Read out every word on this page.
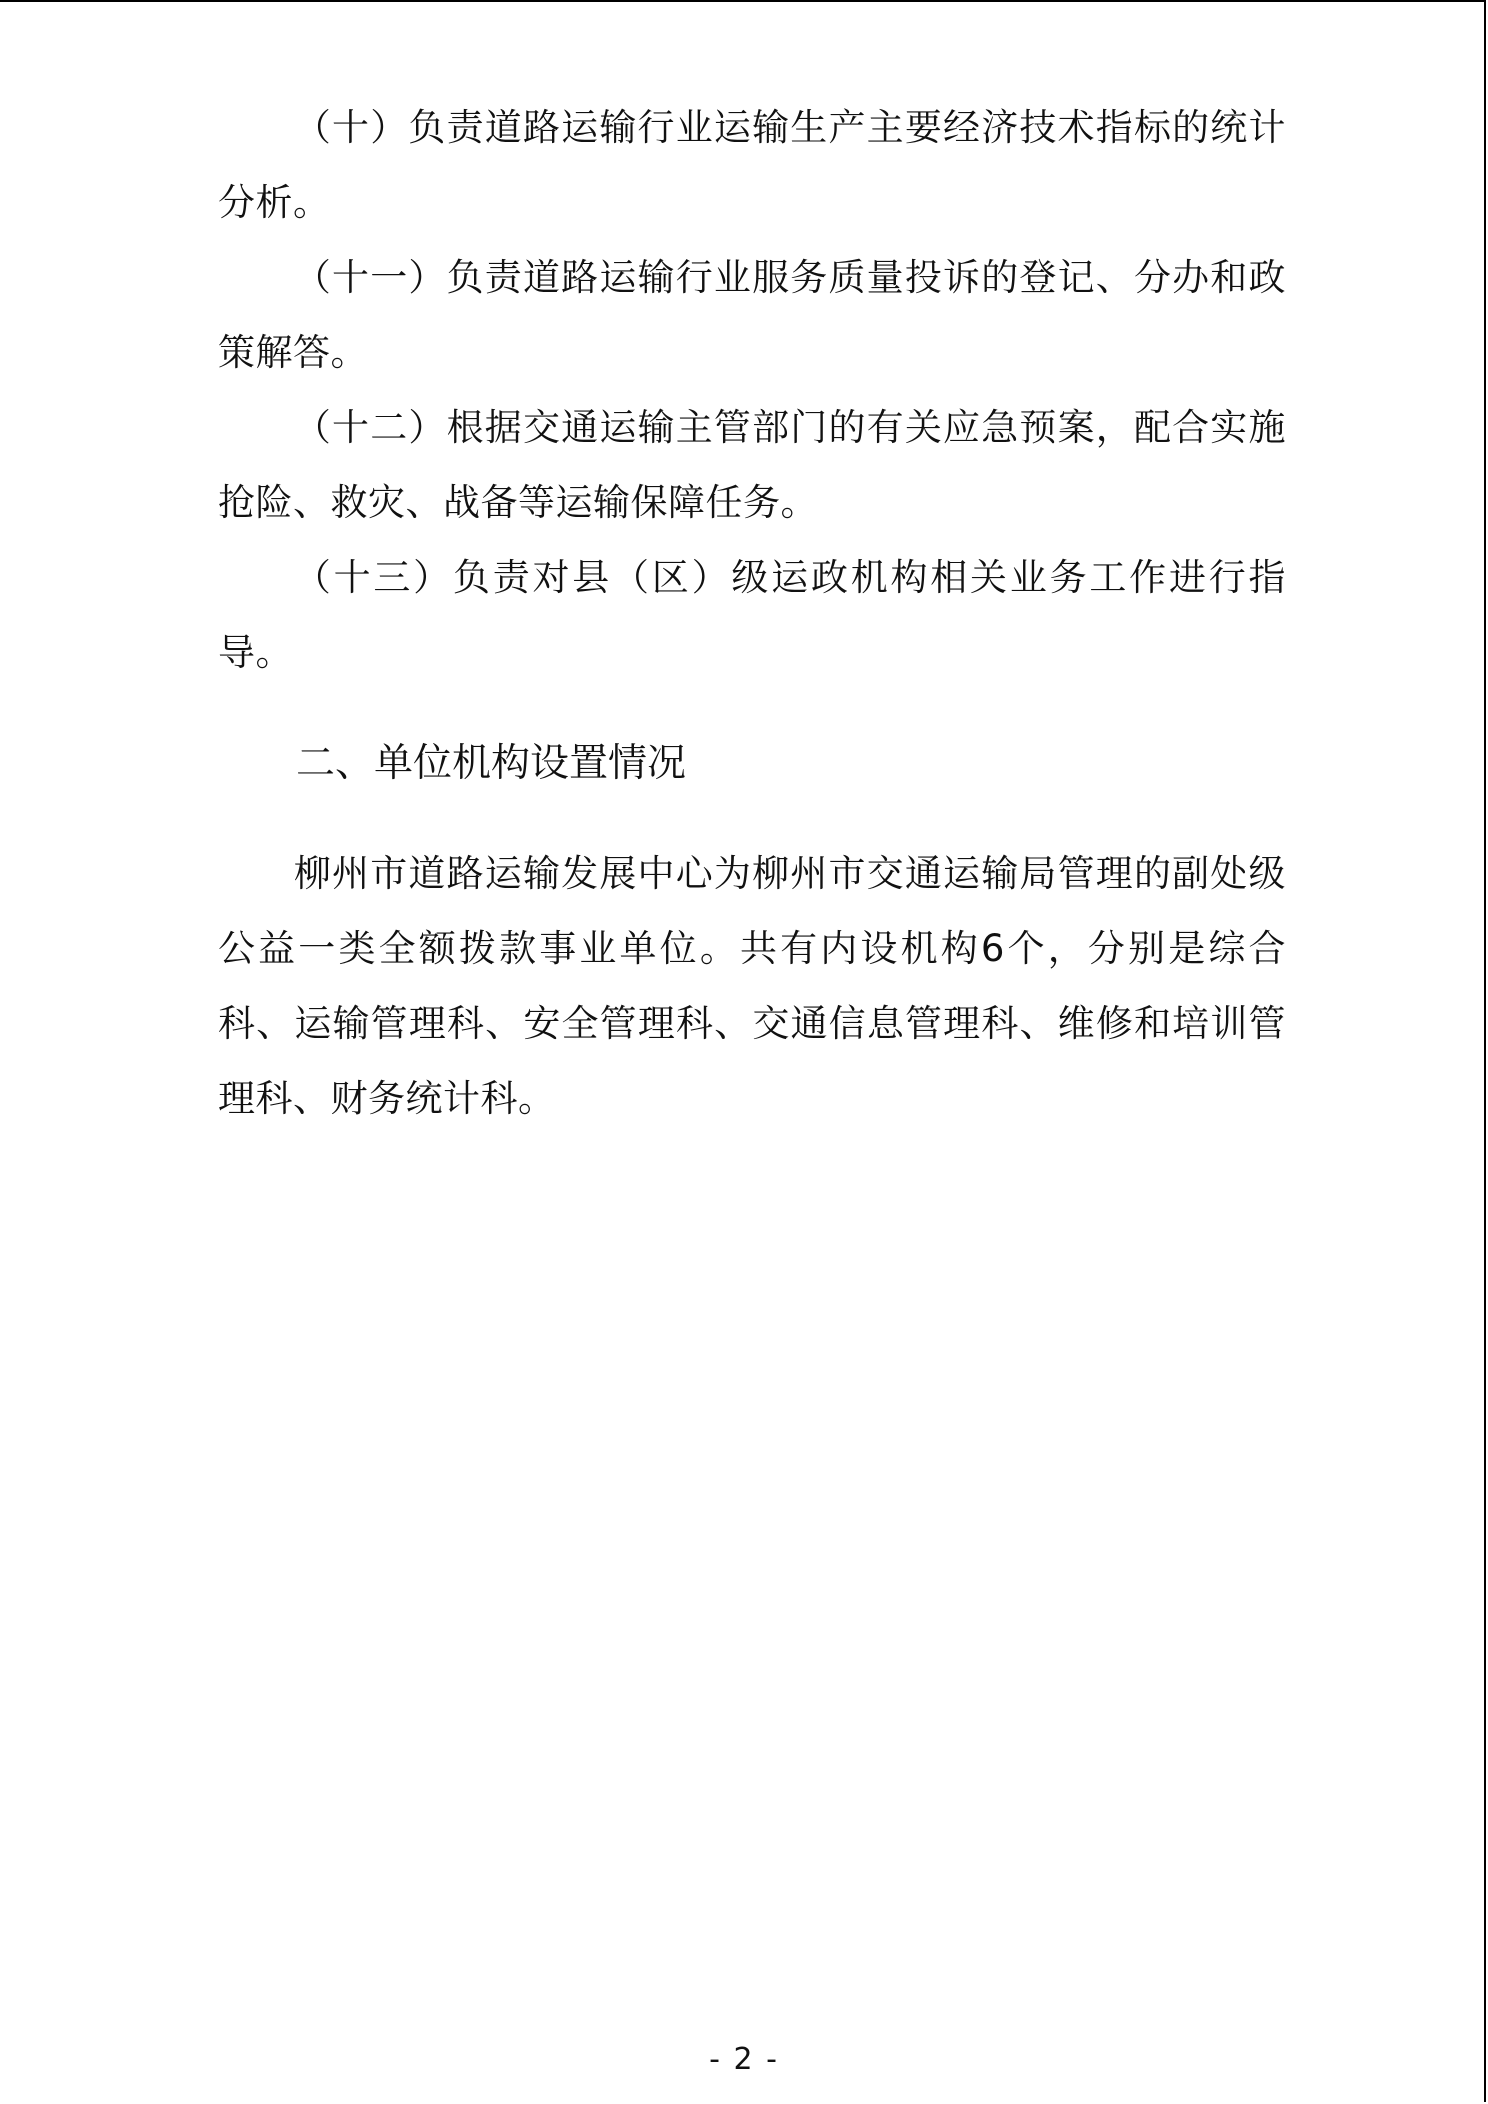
（十）负责道路运输行业运输生产主要经济技术指标的统计分析。

（十一）负责道路运输行业服务质量投诉的登记、分办和政策解答。

（十二）根据交通运输主管部门的有关应急预案，配合实施抢险、救灾、战备等运输保障任务。

（十三）负责对县（区）级运政机构相关业务工作进行指导。

二、单位机构设置情况

柳州市道路运输发展中心为柳州市交通运输局管理的副处级公益一类全额拨款事业单位。共有内设机构6个，分别是综合科、运输管理科、安全管理科、交通信息管理科、维修和培训管理科、财务统计科。

- 2 -
